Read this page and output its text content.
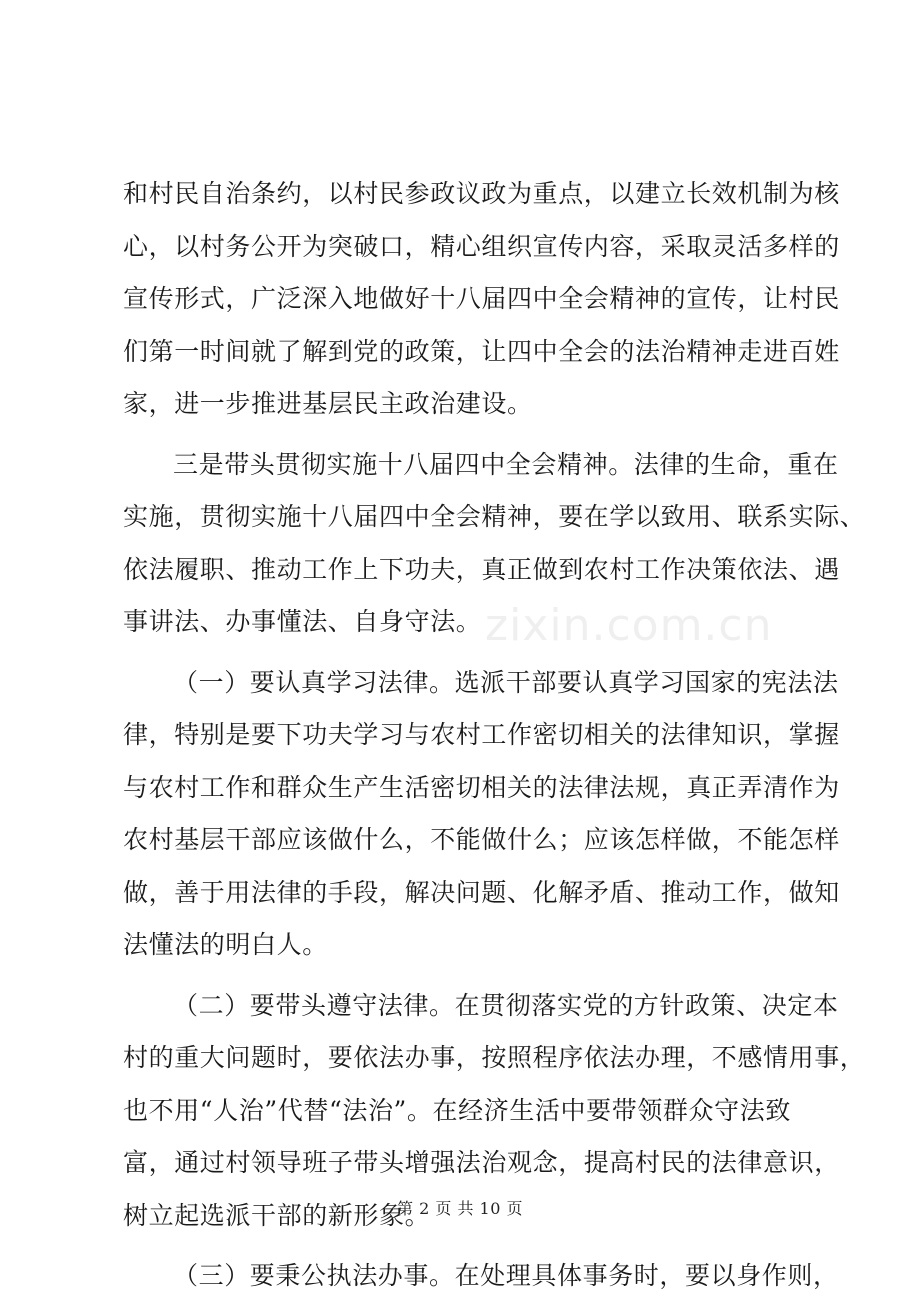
和村民自治条约，以村民参政议政为重点，以建立长效机制为核
心，以村务公开为突破口，精心组织宣传内容，采取灵活多样的
宣传形式，广泛深入地做好十八届四中全会精神的宣传，让村民
们第一时间就了解到党的政策，让四中全会的法治精神走进百姓
家，进一步推进基层民主政治建设。
三是带头贯彻实施十八届四中全会精神。法律的生命，重在
实施，贯彻实施十八届四中全会精神，要在学以致用、联系实际、
依法履职、推动工作上下功夫，真正做到农村工作决策依法、遇
事讲法、办事懂法、自身守法。
（一）要认真学习法律。选派干部要认真学习国家的宪法法
律，特别是要下功夫学习与农村工作密切相关的法律知识，掌握
与农村工作和群众生产生活密切相关的法律法规，真正弄清作为
农村基层干部应该做什么，不能做什么；应该怎样做，不能怎样
做，善于用法律的手段，解决问题、化解矛盾、推动工作，做知
法懂法的明白人。
（二）要带头遵守法律。在贯彻落实党的方针政策、决定本
村的重大问题时，要依法办事，按照程序依法办理，不感情用事，
也不用“人治”代替“法治”。在经济生活中要带领群众守法致
富，通过村领导班子带头增强法治观念，提高村民的法律意识，
树立起选派干部的新形象。
（三）要秉公执法办事。在处理具体事务时，要以身作则，
zixin.com.cn
第 2 页 共 10 页
